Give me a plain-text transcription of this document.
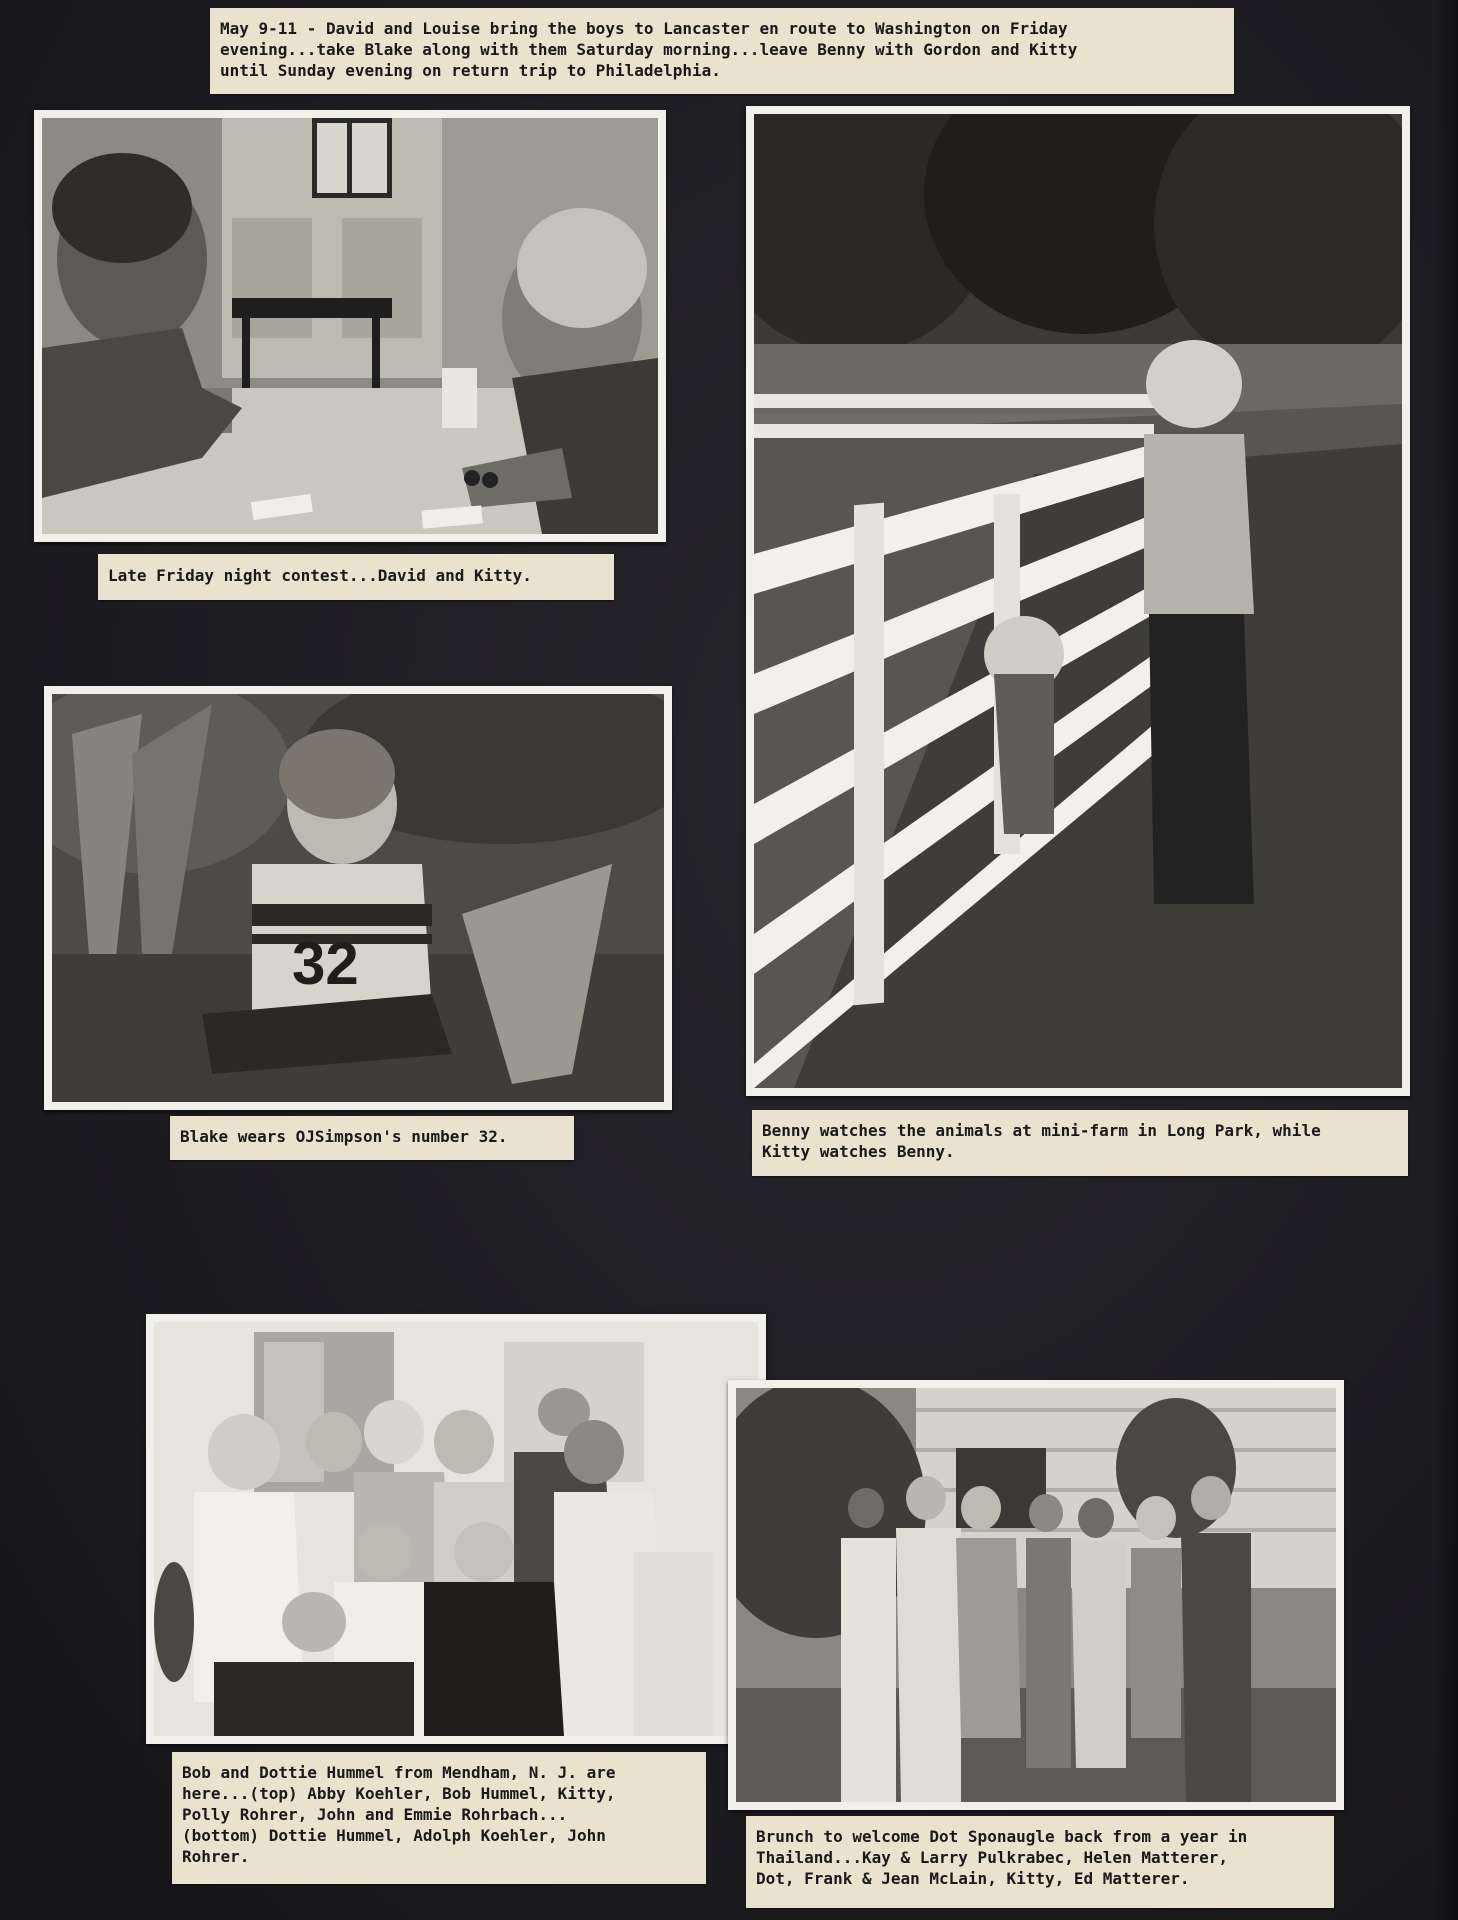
May 9-11 - David and Louise bring the boys to Lancaster en route to Washington on Friday
evening...take Blake along with them Saturday morning...leave Benny with Gordon and Kitty
until Sunday evening on return trip to Philadelphia.
Late Friday night contest...David and Kitty.
Benny watches the animals at mini-farm in Long Park, while
Kitty watches Benny.
32
Blake wears OJSimpson's number 32.
Bob and Dottie Hummel from Mendham, N. J. are
here...(top) Abby Koehler, Bob Hummel, Kitty,
Polly Rohrer, John and Emmie Rohrbach...
(bottom) Dottie Hummel, Adolph Koehler, John
Rohrer.
Brunch to welcome Dot Sponaugle back from a year in
Thailand...Kay & Larry Pulkrabec, Helen Matterer,
Dot, Frank & Jean McLain, Kitty, Ed Matterer.
